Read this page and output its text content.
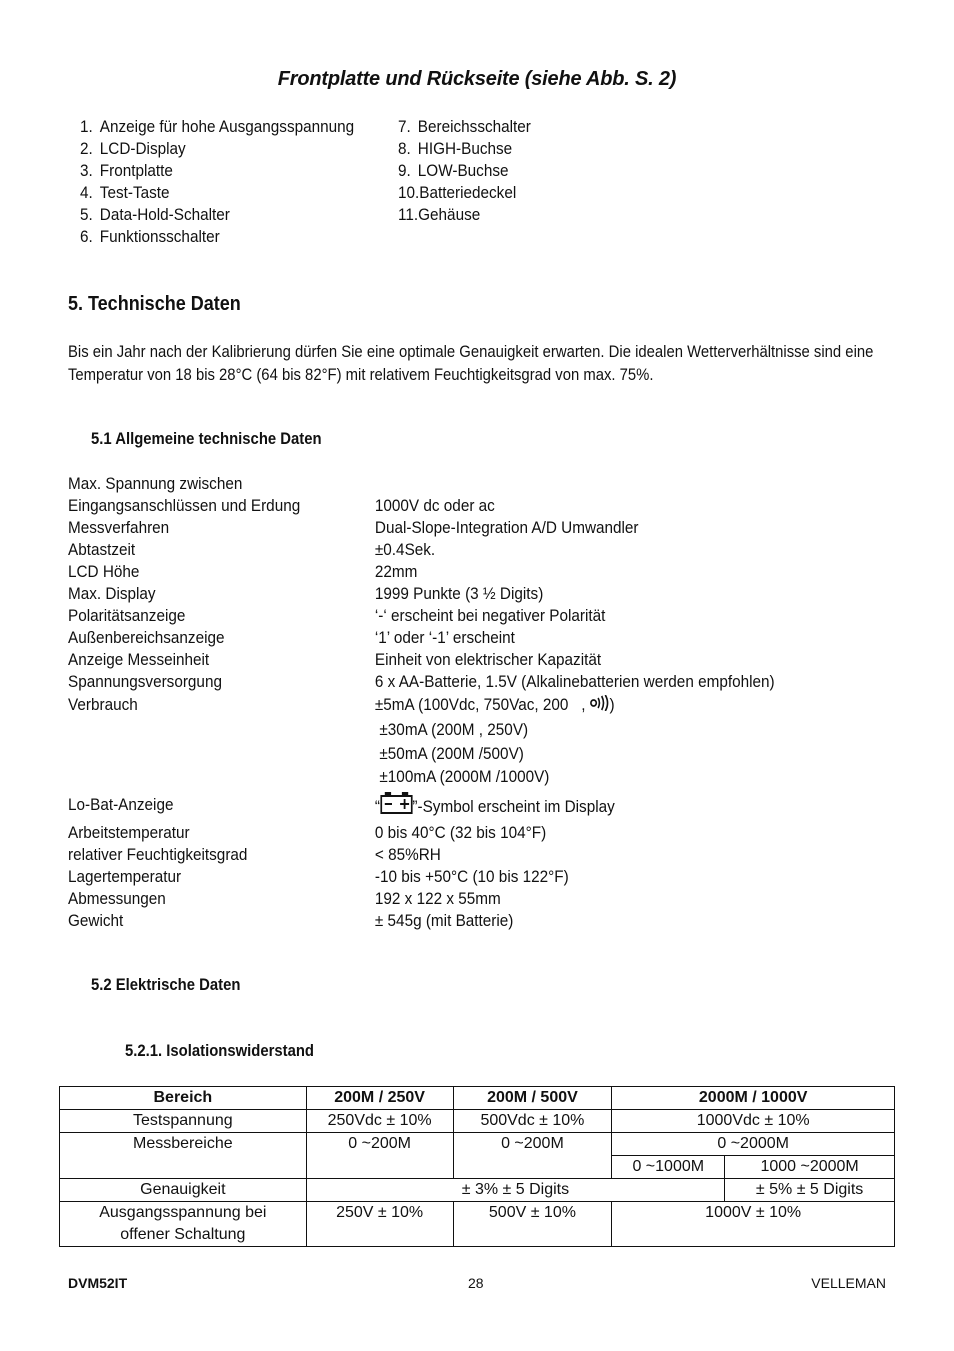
Frontplatte und Rückseite (siehe Abb. S. 2)
1. Anzeige für hohe Ausgangsspannung
2. LCD-Display
3. Frontplatte
4. Test-Taste
5. Data-Hold-Schalter
6. Funktionsschalter
7. Bereichsschalter
8. HIGH-Buchse
9. LOW-Buchse
10.Batteriedeckel
11.Gehäuse
5. Technische Daten
Bis ein Jahr nach der Kalibrierung dürfen Sie eine optimale Genauigkeit erwarten. Die idealen Wetterverhältnisse sind eine Temperatur von 18 bis 28°C (64 bis 82°F) mit relativem Feuchtigkeitsgrad von max. 75%.
5.1 Allgemeine technische Daten
Max. Spannung zwischen
Eingangsanschlüssen und Erdung	1000V dc oder ac
Messverfahren	Dual-Slope-Integration A/D Umwandler
Abtastzeit	±0.4Sek.
LCD Höhe	22mm
Max. Display	1999 Punkte (3 ½ Digits)
Polaritätsanzeige	‘-‘ erscheint bei negativer Polarität
Außenbereichsanzeige	‘1’ oder ‘-1’ erscheint
Anzeige Messeinheit	Einheit von elektrischer Kapazität
Spannungsversorgung	6 x AA-Batterie, 1.5V (Alkalinebatterien werden empfohlen)
Verbrauch	±5mA (100Vdc, 750Vac, 200 , )
±30mA (200M , 250V)
±50mA (200M /500V)
±100mA (2000M /1000V)
Lo-Bat-Anzeige	“ ”-Symbol erscheint im Display
Arbeitstemperatur	0 bis 40°C (32 bis 104°F)
relativer Feuchtigkeitsgrad	< 85%RH
Lagertemperatur	-10 bis +50°C (10 bis 122°F)
Abmessungen	192 x 122 x 55mm
Gewicht	± 545g (mit Batterie)
5.2 Elektrische Daten
5.2.1. Isolationswiderstand
Bereich	200M / 250V	200M / 500V	2000M / 1000V	
Testspannung	250Vdc ± 10%	500Vdc ± 10%	1000Vdc ± 10%	
Messbereiche	0 ~200M	0 ~200M	0 ~2000M	
			0 ~1000M	1000 ~2000M
Genauigkeit	± 3% ± 5 Digits			± 5% ± 5 Digits

Ausgangsspannung bei
offener Schaltung	250V ± 10%	500V ± 10%	1000V ± 10%	
DVM52IT	28	VELLEMAN
